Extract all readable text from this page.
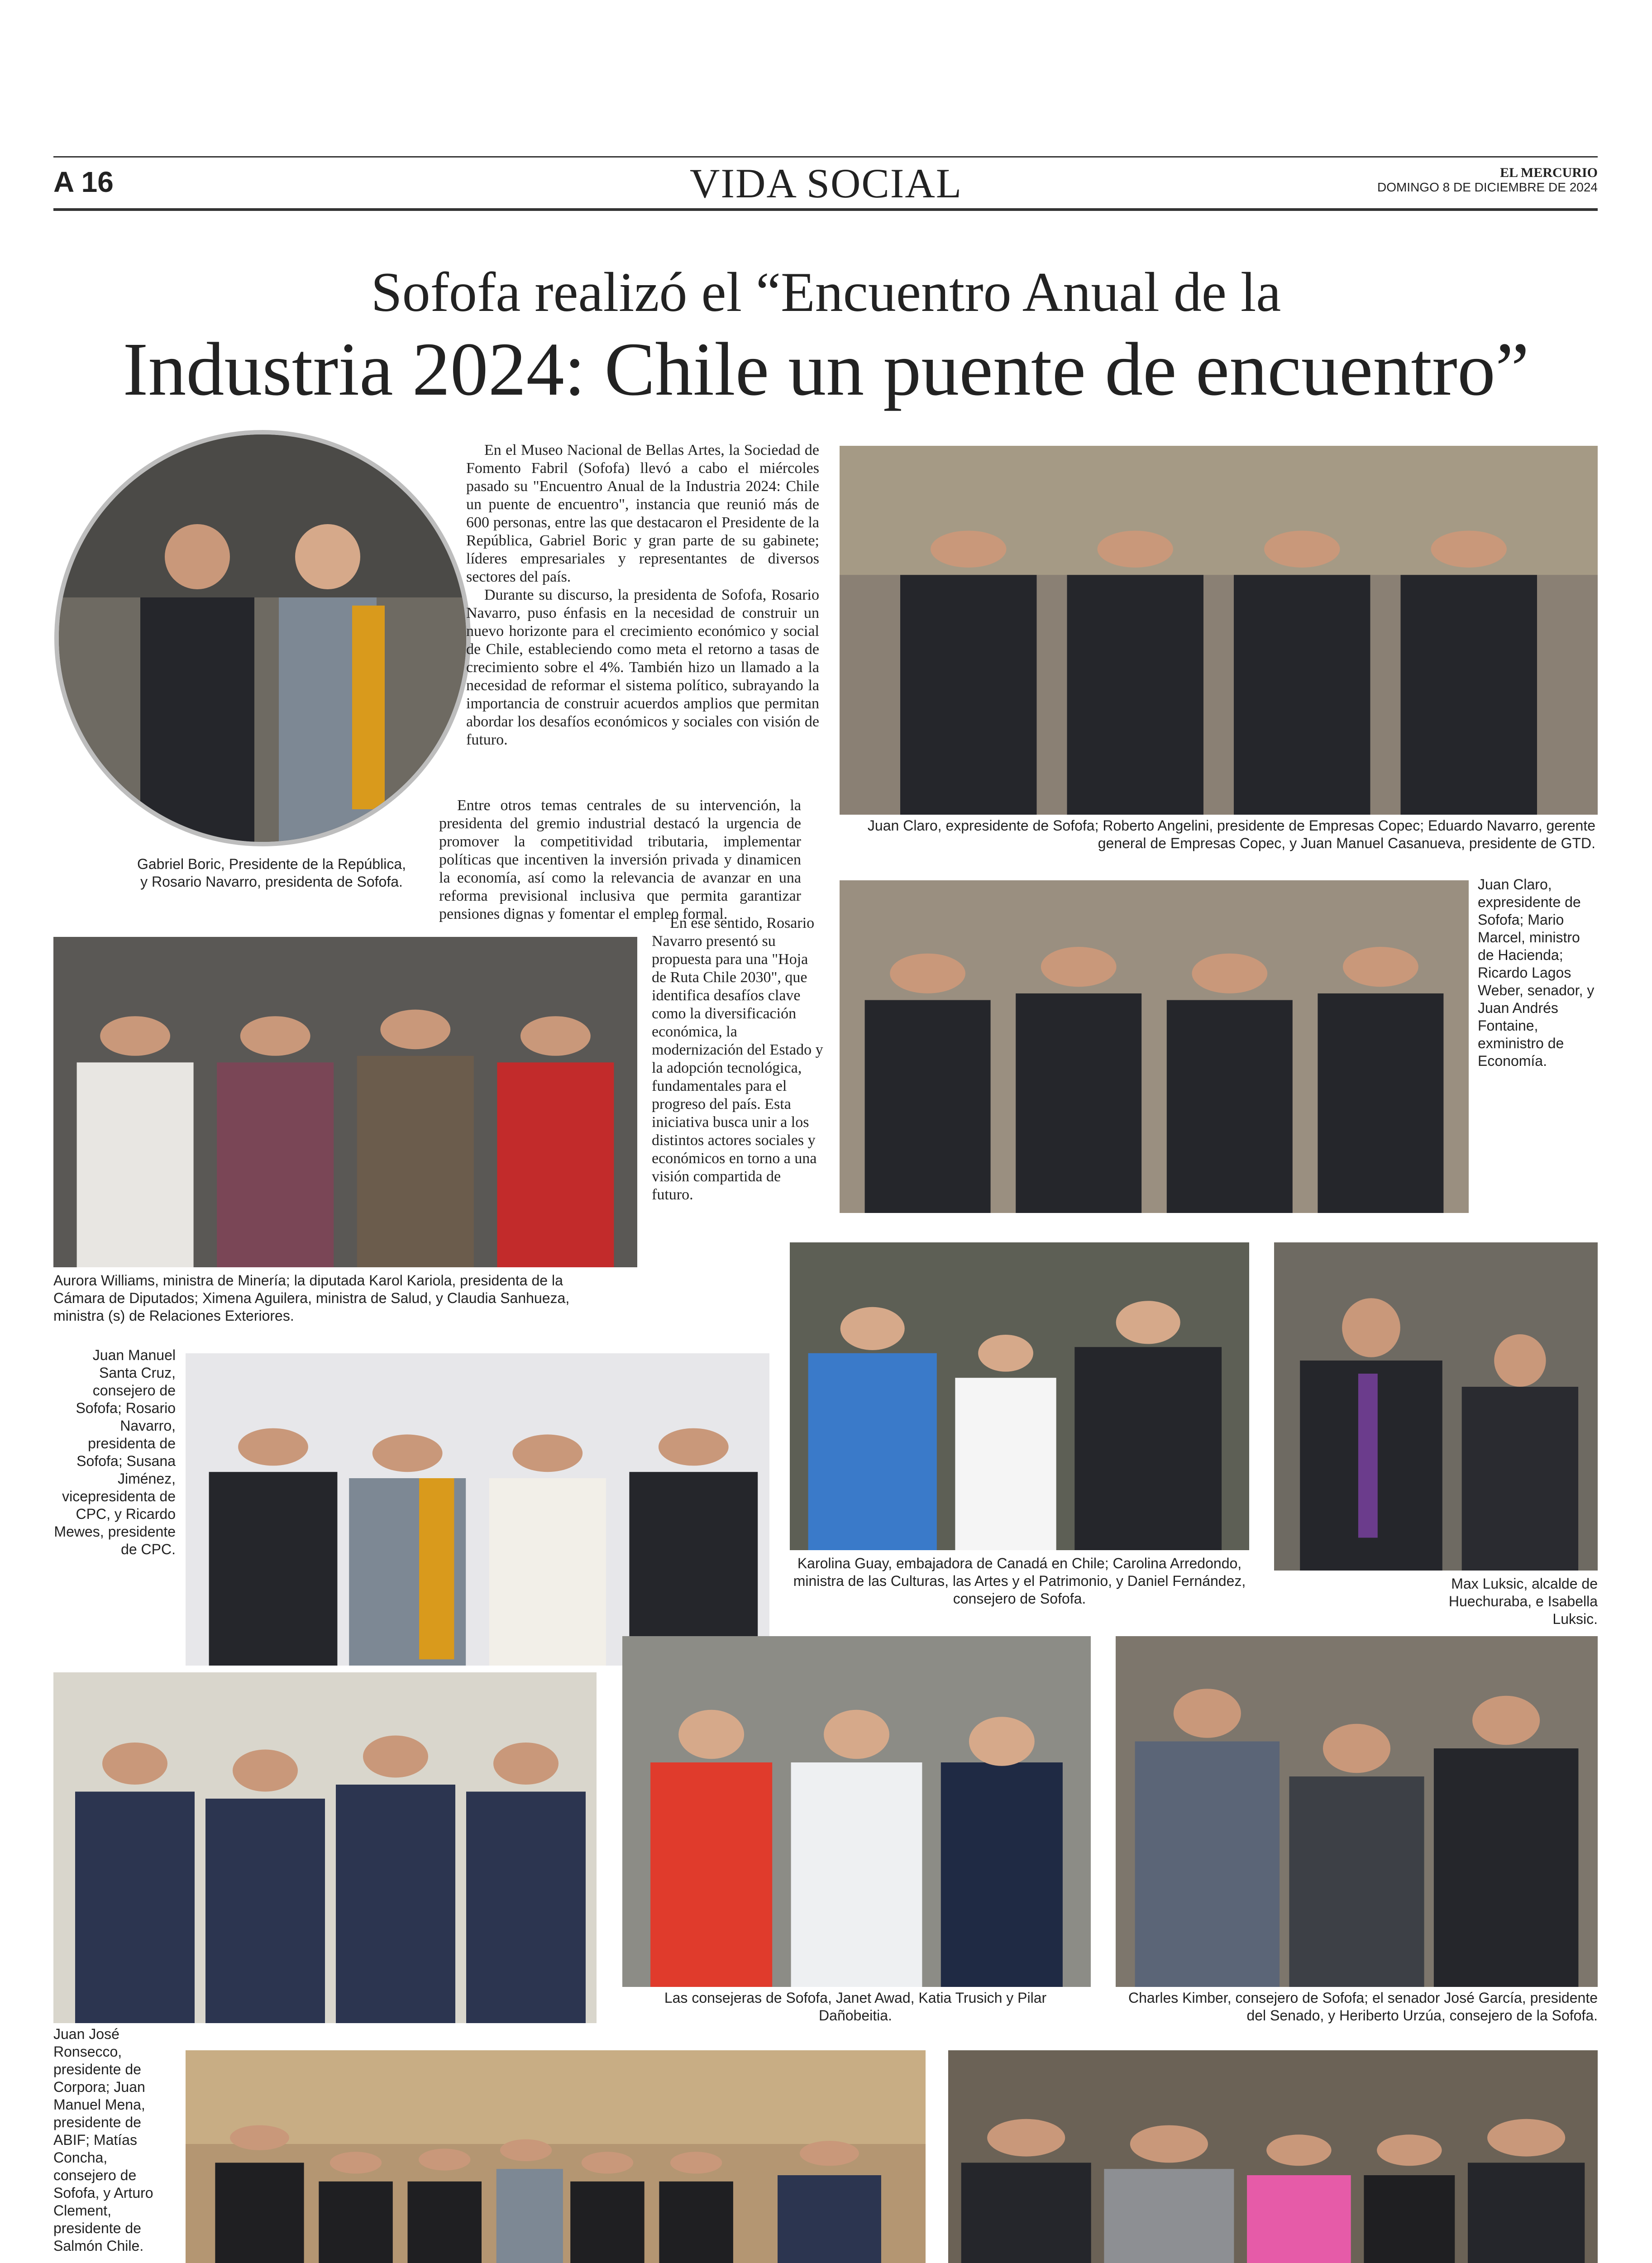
A 16	VIDA SOCIAL	EL MERCURIO
DOMINGO 8 DE DICIEMBRE DE 2024
Sofofa realizó el “Encuentro Anual de la
Industria 2024: Chile un puente de encuentro”
Gabriel Boric, Presidente de la República, y Rosario Navarro, presidenta de Sofofa.

En el Museo Nacional de Bellas Artes, la Sociedad de Fomento Fabril (Sofofa) llevó a cabo el miércoles pasado su "Encuentro Anual de la Industria 2024: Chile un puente de encuentro", instancia que reunió más de 600 personas, entre las que destacaron el Presidente de la República, Gabriel Boric y gran parte de su gabinete; líderes empresariales y representantes de diversos sectores del país.

Durante su discurso, la presidenta de Sofofa, Rosario Navarro, puso énfasis en la necesidad de construir un nuevo horizonte para el crecimiento económico y social de Chile, estableciendo como meta el retorno a tasas de crecimiento sobre el 4%. También hizo un llamado a la necesidad de reformar el sistema político, subrayando la importancia de construir acuerdos amplios que permitan abordar los desafíos económicos y sociales con visión de futuro.

Entre otros temas centrales de su intervención, la presidenta del gremio industrial destacó la urgencia de promover la competitividad tributaria, implementar políticas que incentiven la inversión privada y dinamicen la economía, así como la relevancia de avanzar en una reforma previsional inclusiva que permita garantizar pensiones dignas y fomentar el empleo formal.

En ese sentido, Rosario Navarro presentó su propuesta para una "Hoja de Ruta Chile 2030", que identifica desafíos clave como la diversificación económica, la modernización del Estado y la adopción tecnológica, fundamentales para el progreso del país. Esta iniciativa busca unir a los distintos actores sociales y económicos en torno a una visión compartida de futuro.

Juan Claro, expresidente de Sofofa; Roberto Angelini, presidente de Empresas Copec; Eduardo Navarro, gerente general de Empresas Copec, y Juan Manuel Casanueva, presidente de GTD.
Aurora Williams, ministra de Minería; la diputada Karol Kariola, presidenta de la Cámara de Diputados; Ximena Aguilera, ministra de Salud, y Claudia Sanhueza, ministra (s) de Relaciones Exteriores.
Juan Claro, expresidente de Sofofa; Mario Marcel, ministro de Hacienda; Ricardo Lagos Weber, senador, y Juan Andrés Fontaine, exministro de Economía.
Juan Manuel Santa Cruz, consejero de Sofofa; Rosario Navarro, presidenta de Sofofa; Susana Jiménez, vicepresidenta de CPC, y Ricardo Mewes, presidente de CPC.
Karolina Guay, embajadora de Canadá en Chile; Carolina Arredondo, ministra de las Culturas, las Artes y el Patrimonio, y Daniel Fernández, consejero de Sofofa.
Max Luksic, alcalde de Huechuraba, e Isabella Luksic.
Juan José Ronsecco, presidente de Corpora; Juan Manuel Mena, presidente de ABIF; Matías Concha, consejero de Sofofa, y Arturo Clement, presidente de Salmón Chile.
Las consejeras de Sofofa, Janet Awad, Katia Trusich y Pilar Dañobeitia.
Charles Kimber, consejero de Sofofa; el senador José García, presidente del Senado, y Heriberto Urzúa, consejero de la Sofofa.
